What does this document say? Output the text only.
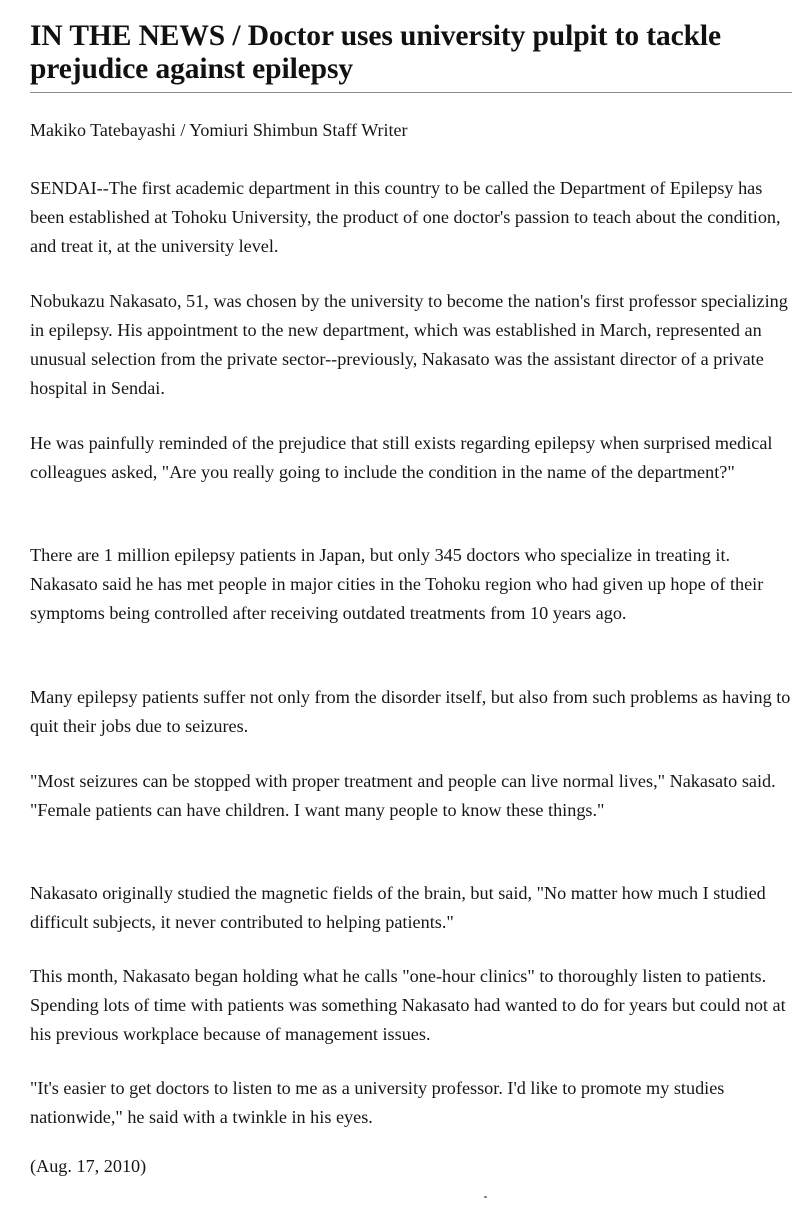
IN THE NEWS / Doctor uses university pulpit to tackle prejudice against epilepsy

Makiko Tatebayashi / Yomiuri Shimbun Staff Writer

SENDAI--The first academic department in this country to be called the Department of Epilepsy has been established at Tohoku University, the product of one doctor's passion to teach about the condition, and treat it, at the university level.

Nobukazu Nakasato, 51, was chosen by the university to become the nation's first professor specializing in epilepsy. His appointment to the new department, which was established in March, represented an unusual selection from the private sector--previously, Nakasato was the assistant director of a private hospital in Sendai.

He was painfully reminded of the prejudice that still exists regarding epilepsy when surprised medical colleagues asked, "Are you really going to include the condition in the name of the department?"

There are 1 million epilepsy patients in Japan, but only 345 doctors who specialize in treating it. Nakasato said he has met people in major cities in the Tohoku region who had given up hope of their symptoms being controlled after receiving outdated treatments from 10 years ago.

Many epilepsy patients suffer not only from the disorder itself, but also from such problems as having to quit their jobs due to seizures.

"Most seizures can be stopped with proper treatment and people can live normal lives," Nakasato said. "Female patients can have children. I want many people to know these things."

Nakasato originally studied the magnetic fields of the brain, but said, "No matter how much I studied difficult subjects, it never contributed to helping patients."

This month, Nakasato began holding what he calls "one-hour clinics" to thoroughly listen to patients. Spending lots of time with patients was something Nakasato had wanted to do for years but could not at his previous workplace because of management issues.

"It's easier to get doctors to listen to me as a university professor. I'd like to promote my studies nationwide," he said with a twinkle in his eyes.

(Aug. 17, 2010)
